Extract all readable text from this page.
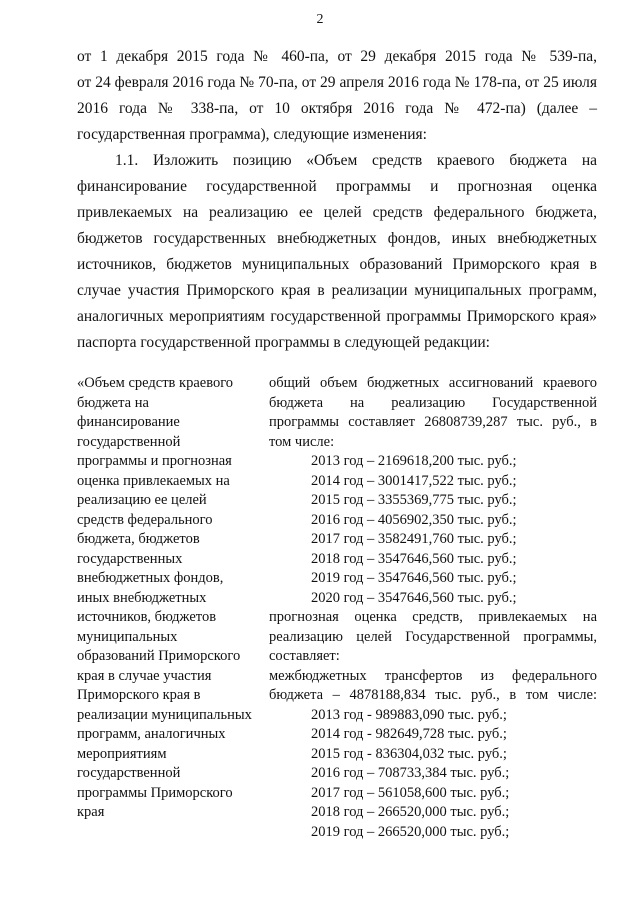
2
от 1 декабря 2015 года № 460-па, от 29 декабря 2015 года № 539-па,
от 24 февраля 2016 года № 70-па, от 29 апреля 2016 года № 178-па, от 25 июля
2016 года № 338-па, от 10 октября 2016 года № 472-па) (далее –
государственная программа), следующие изменения:
1.1. Изложить позицию «Объем средств краевого бюджета на
финансирование государственной программы и прогнозная оценка
привлекаемых на реализацию ее целей средств федерального бюджета,
бюджетов государственных внебюджетных фондов, иных внебюджетных
источников, бюджетов муниципальных образований Приморского края в
случае участия Приморского края в реализации муниципальных программ,
аналогичных мероприятиям государственной программы Приморского края»
паспорта государственной программы в следующей редакции:
«Объем средств краевого
бюджета на
финансирование
государственной
программы и прогнозная
оценка привлекаемых на
реализацию ее целей
средств федерального
бюджета, бюджетов
государственных
внебюджетных фондов,
иных внебюджетных
источников, бюджетов
муниципальных
образований Приморского
края в случае участия
Приморского края в
реализации муниципальных
программ, аналогичных
мероприятиям
государственной
программы Приморского
края
общий объем бюджетных ассигнований краевого
бюджета на реализацию Государственной
программы составляет 26808739,287 тыс. руб., в
том числе:
2013 год – 2169618,200 тыс. руб.;
2014 год – 3001417,522 тыс. руб.;
2015 год – 3355369,775 тыс. руб.;
2016 год – 4056902,350 тыс. руб.;
2017 год – 3582491,760 тыс. руб.;
2018 год – 3547646,560 тыс. руб.;
2019 год – 3547646,560 тыс. руб.;
2020 год – 3547646,560 тыс. руб.;
прогнозная оценка средств, привлекаемых на
реализацию целей Государственной программы,
составляет:
межбюджетных трансфертов из федерального
бюджета – 4878188,834 тыс. руб., в том числе:
2013 год - 989883,090 тыс. руб.;
2014 год - 982649,728 тыс. руб.;
2015 год - 836304,032 тыс. руб.;
2016 год – 708733,384 тыс. руб.;
2017 год – 561058,600 тыс. руб.;
2018 год – 266520,000 тыс. руб.;
2019 год – 266520,000 тыс. руб.;
